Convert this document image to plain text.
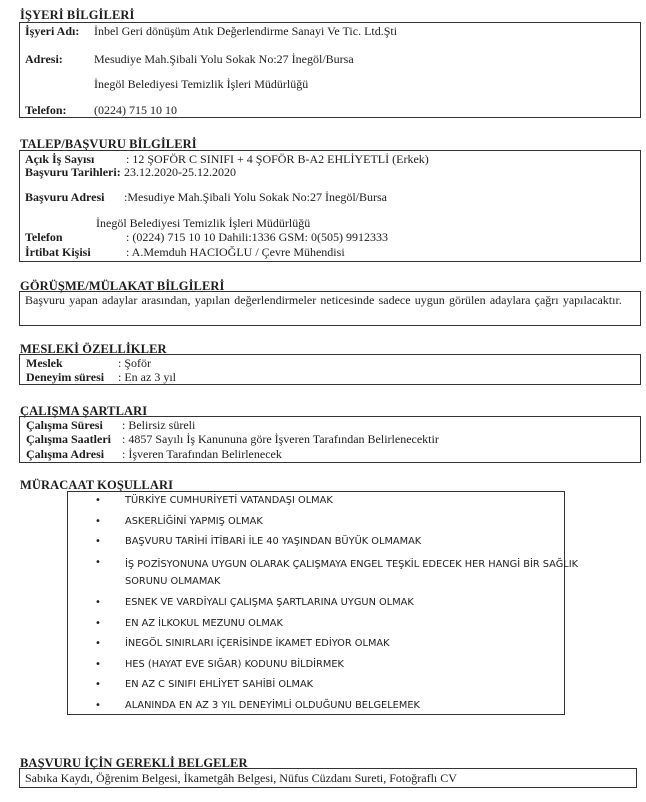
İŞYERİ BİLGİLERİ
İşyeri Adı: İnbel Geri dönüşüm Atık Değerlendirme Sanayi Ve Tic. Ltd.Şti
Adresi:	Mesudiye Mah.Şibali Yolu Sokak No:27 İnegöl/Bursa
İnegöl Belediyesi Temizlik İşleri Müdürlüğü
Telefon: (0224) 715 10 10
TALEP/BAŞVURU BİLGİLERİ
Açık İş Sayısı	: 12 ŞOFÖR C SINIFI + 4 ŞOFÖR B-A2 EHLİYETLİ (Erkek)
Başvuru Tarihleri: 23.12.2020-25.12.2020
Başvuru Adresi :Mesudiye Mah.Şibali Yolu Sokak No:27 İnegöl/Bursa
İnegöl Belediyesi Temizlik İşleri Müdürlüğü
Telefon	: (0224) 715 10 10 Dahili:1336 GSM: 0(505) 9912333
İrtibat Kişisi	: A.Memduh HACIOĞLU / Çevre Mühendisi
GÖRÜŞME/MÜLAKAT BİLGİLERİ
Başvuru yapan adaylar arasından, yapılan değerlendirmeler neticesinde sadece uygun görülen adaylara çağrı yapılacaktır.
MESLEKİ ÖZELLİKLER
Meslek	: Şoför
Deneyim süresi : En az 3 yıl
ÇALIŞMA ŞARTLARI
Çalışma Süresi : Belirsiz süreli
Çalışma Saatleri : 4857 Sayılı İş Kanununa göre İşveren Tarafından Belirlenecektir
Çalışma Adresi : İşveren Tarafından Belirlenecek
MÜRACAAT KOŞULLARI
• TÜRKİYE CUMHURİYETİ VATANDAŞI OLMAK
• ASKERLİĞİNİ YAPMIŞ OLMAK
• BAŞVURU TARİHİ İTİBARİ İLE 40 YAŞINDAN BÜYÜK OLMAMAK
• İŞ POZİSYONUNA UYGUN OLARAK ÇALIŞMAYA ENGEL TEŞKİL EDECEK HER HANGİ BİR SAĞLIK SORUNU OLMAMAK
• ESNEK VE VARDİYALI ÇALIŞMA ŞARTLARINA UYGUN OLMAK
• EN AZ İLKOKUL MEZUNU OLMAK
• İNEGÖL SINIRLARI İÇERİSİNDE İKAMET EDİYOR OLMAK
• HES (HAYAT EVE SIĞAR) KODUNU BİLDİRMEK
• EN AZ C SINIFI EHLİYET SAHİBİ OLMAK
• ALANINDA EN AZ 3 YIL DENEYİMLİ OLDUĞUNU BELGELEMEK
BAŞVURU İÇİN GEREKLİ BELGELER
Sabıka Kaydı, Öğrenim Belgesi, İkametgâh Belgesi, Nüfus Cüzdanı Sureti, Fotoğraflı CV
